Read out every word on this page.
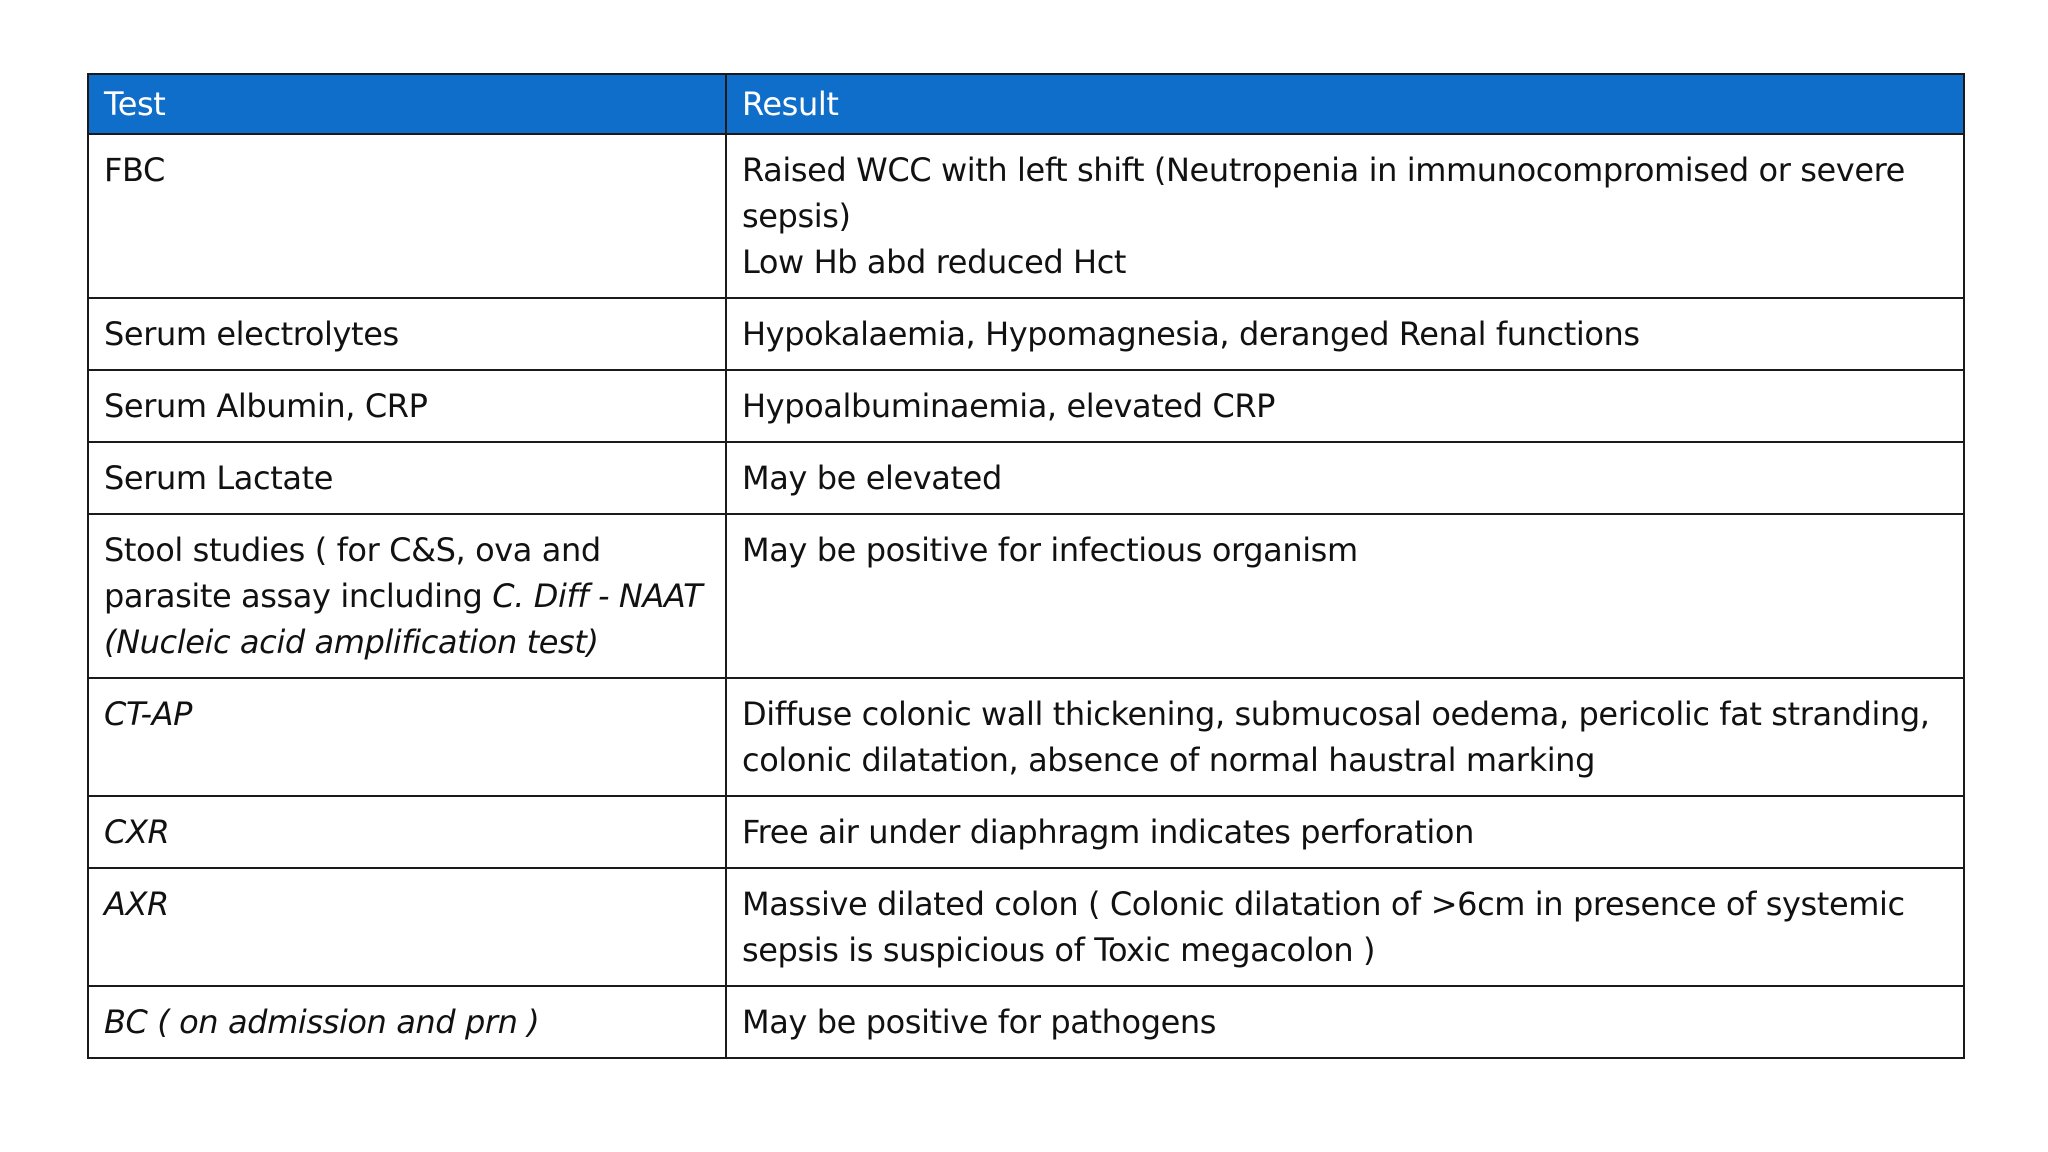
Test	Result
FBC	Raised WCC with left shift (Neutropenia in immunocompromised or severe sepsis)
Low Hb abd reduced Hct

Serum electrolytes	Hypokalaemia, Hypomagnesia, deranged Renal functions
Serum Albumin, CRP	Hypoalbuminaemia, elevated CRP
Serum Lactate	May be elevated
Stool studies ( for C&S, ova and parasite assay including C. Diff - NAAT (Nucleic acid amplification test)	May be positive for infectious organism
CT-AP	Diffuse colonic wall thickening, submucosal oedema, pericolic fat stranding, colonic dilatation, absence of normal haustral marking
CXR	Free air under diaphragm indicates perforation
AXR	Massive dilated colon ( Colonic dilatation of >6cm in presence of systemic sepsis is suspicious of Toxic megacolon )
BC ( on admission and prn )	May be positive for pathogens
